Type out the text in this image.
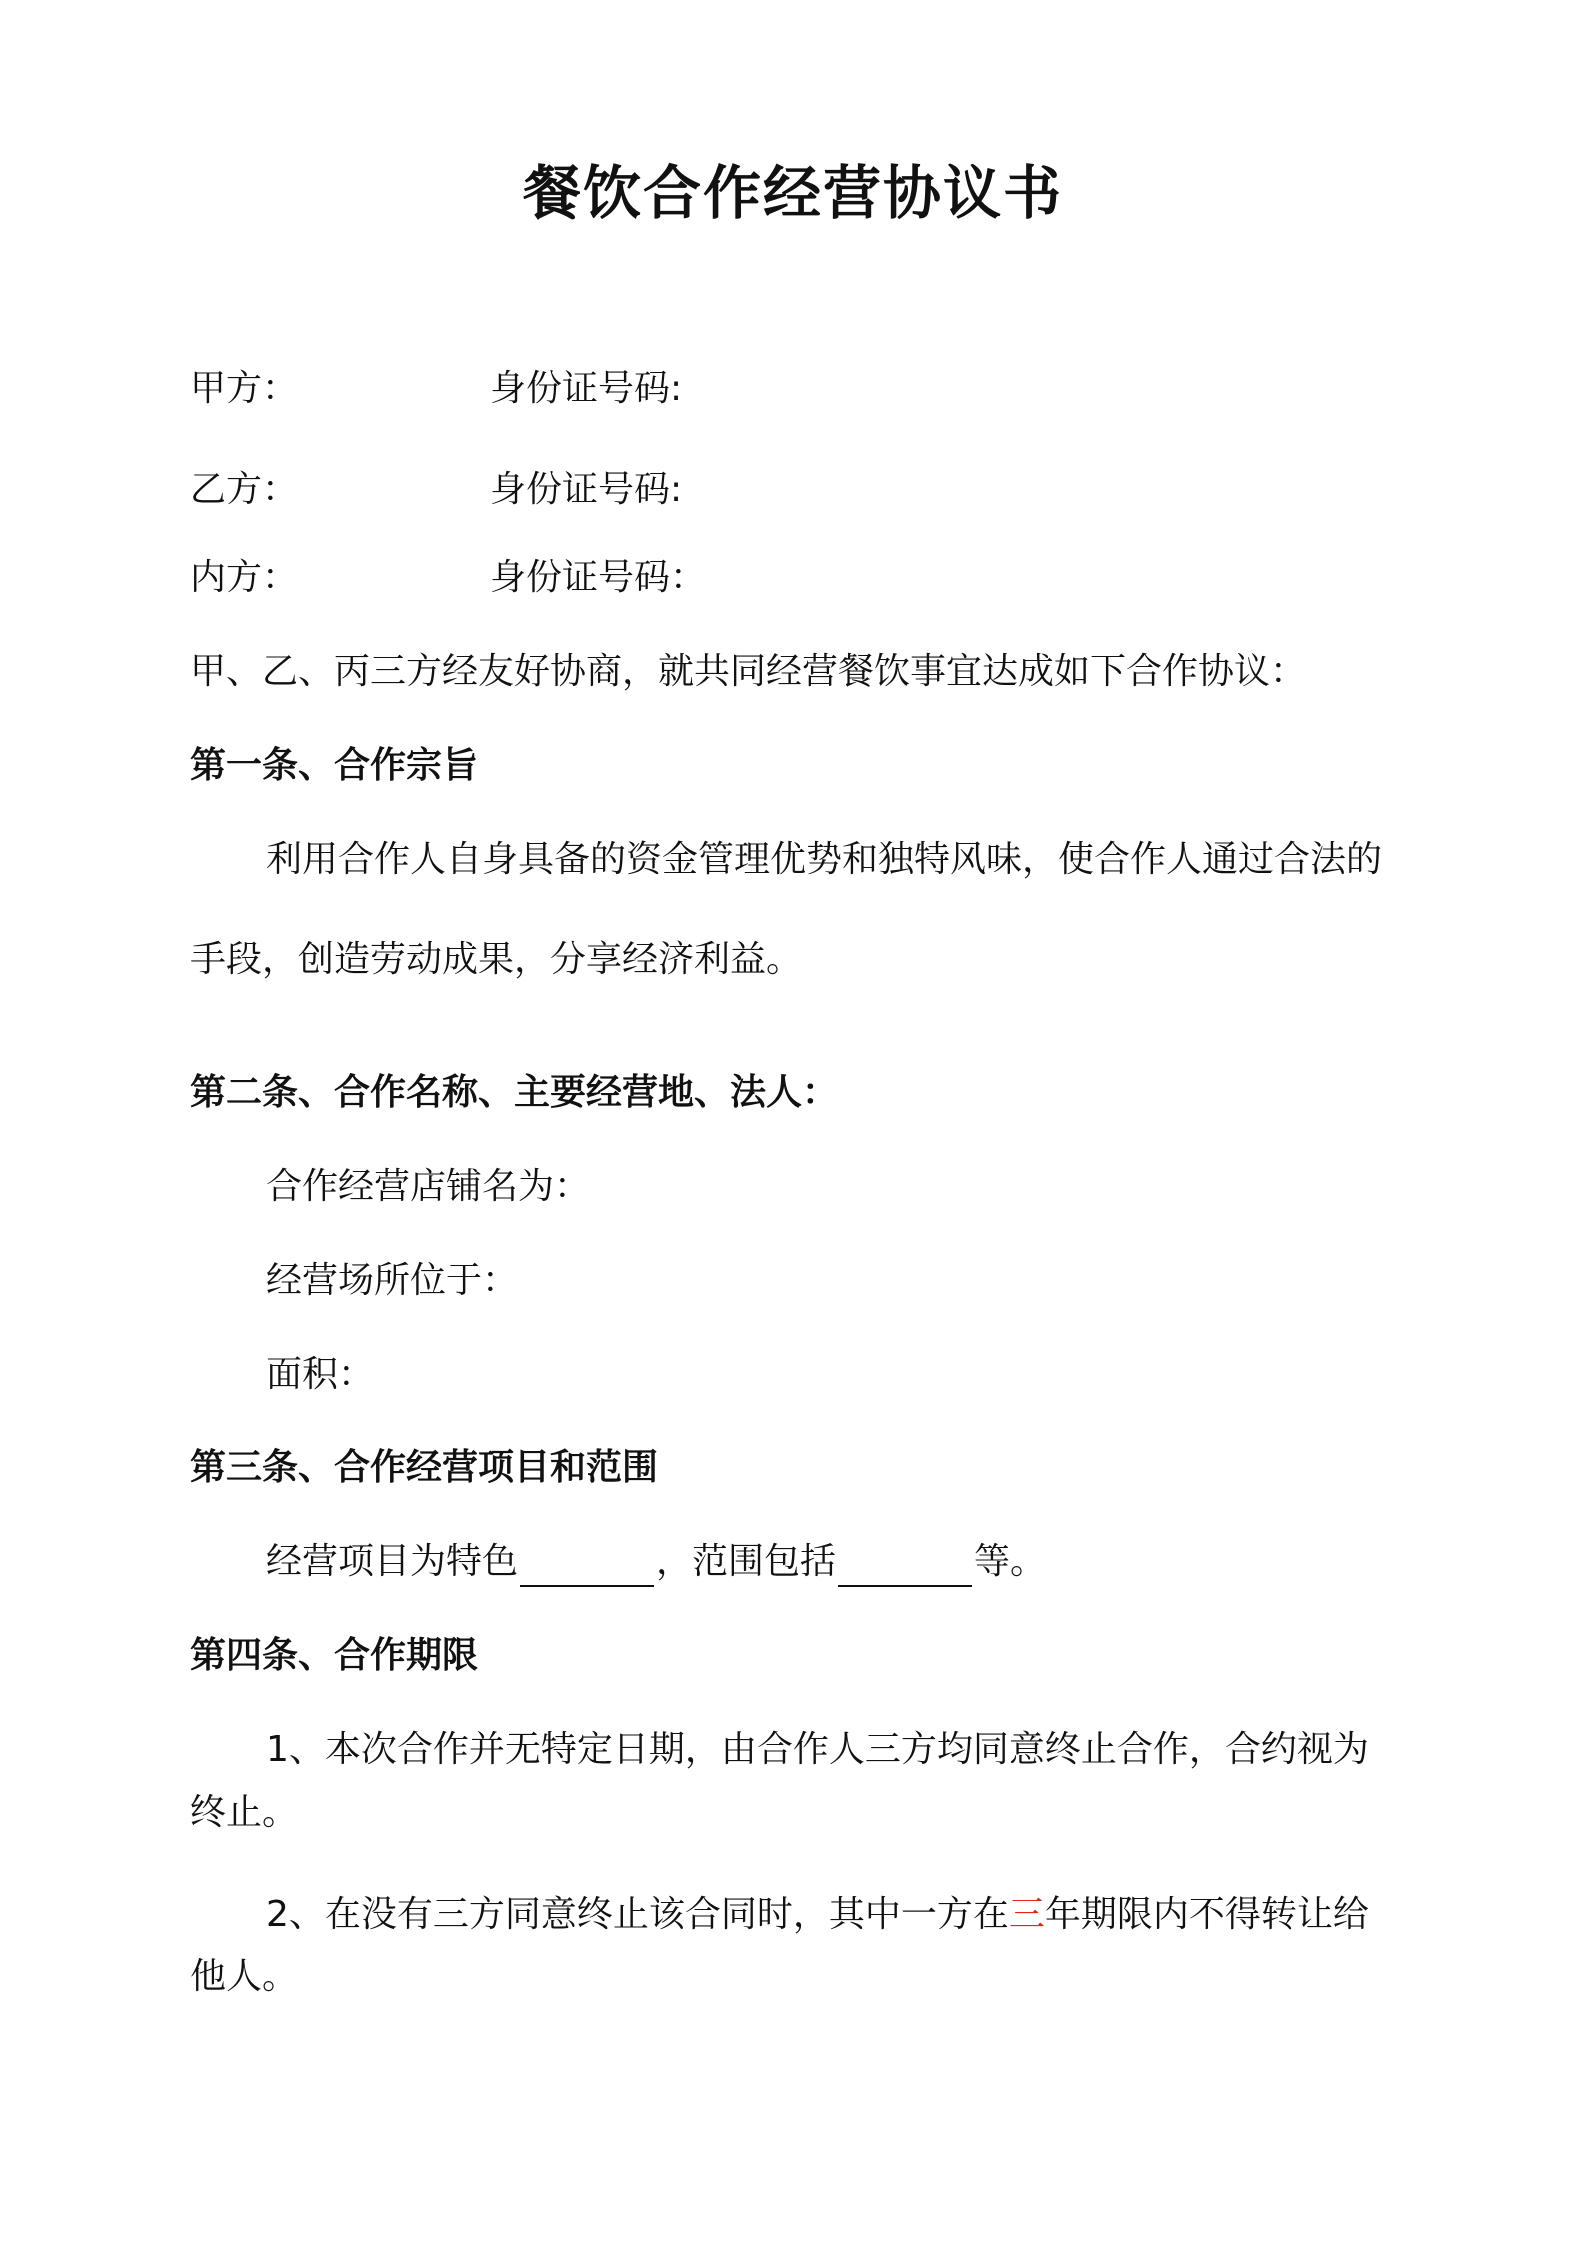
餐饮合作经营协议书
甲方：	身份证号码:
乙方：	身份证号码:
内方：	身份证号码：
甲、乙、丙三方经友好协商，就共同经营餐饮事宜达成如下合作协议：
第一条、合作宗旨
利用合作人自身具备的资金管理优势和独特风味，使合作人通过合法的
手段，创造劳动成果，分享经济利益。
第二条、合作名称、主要经营地、法人：
合作经营店铺名为：
经营场所位于：
面积：
第三条、合作经营项目和范围
经营项目为特色	，范围包括	等。
第四条、合作期限
1、本次合作并无特定日期，由合作人三方均同意终止合作，合约视为
终止。
2、在没有三方同意终止该合同时，其中一方在三年期限内不得转让给
他人。
